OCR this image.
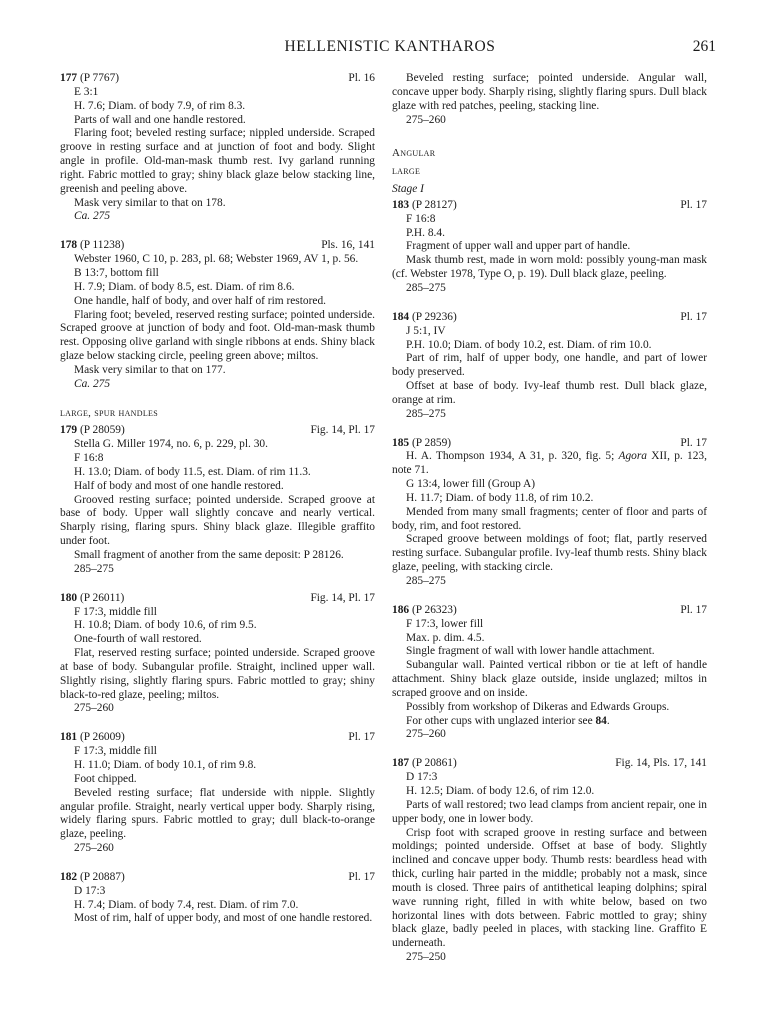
HELLENISTIC KANTHAROS	261
177 (P 7767)	Pl. 16

E 3:1

H. 7.6; Diam. of body 7.9, of rim 8.3.

Parts of wall and one handle restored.

Flaring foot; beveled resting surface; nippled underside. Scraped groove in resting surface and at junction of foot and body. Slight angle in profile. Old-man-mask thumb rest. Ivy garland running right. Fabric mottled to gray; shiny black glaze below stacking line, greenish and peeling above.

Mask very similar to that on 178.

Ca. 275

178 (P 11238)	Pls. 16, 141

Webster 1960, C 10, p. 283, pl. 68; Webster 1969, AV 1, p. 56.

B 13:7, bottom fill

H. 7.9; Diam. of body 8.5, est. Diam. of rim 8.6.

One handle, half of body, and over half of rim restored.

Flaring foot; beveled, reserved resting surface; pointed underside. Scraped groove at junction of body and foot. Old-man-mask thumb rest. Opposing olive garland with single ribbons at ends. Shiny black glaze below stacking circle, peeling green above; miltos.

Mask very similar to that on 177.

Ca. 275

large, spur handles
179 (P 28059)	Fig. 14, Pl. 17

Stella G. Miller 1974, no. 6, p. 229, pl. 30.

F 16:8

H. 13.0; Diam. of body 11.5, est. Diam. of rim 11.3.

Half of body and most of one handle restored.

Grooved resting surface; pointed underside. Scraped groove at base of body. Upper wall slightly concave and nearly vertical. Sharply rising, flaring spurs. Shiny black glaze. Illegible graffito under foot.

Small fragment of another from the same deposit: P 28126.

285–275

180 (P 26011)	Fig. 14, Pl. 17

F 17:3, middle fill

H. 10.8; Diam. of body 10.6, of rim 9.5.

One-fourth of wall restored.

Flat, reserved resting surface; pointed underside. Scraped groove at base of body. Subangular profile. Straight, inclined upper wall. Slightly rising, slightly flaring spurs. Fabric mottled to gray; shiny black-to-red glaze, peeling; miltos.

275–260

181 (P 26009)	Pl. 17

F 17:3, middle fill

H. 11.0; Diam. of body 10.1, of rim 9.8.

Foot chipped.

Beveled resting surface; flat underside with nipple. Slightly angular profile. Straight, nearly vertical upper body. Sharply rising, widely flaring spurs. Fabric mottled to gray; dull black-to-orange glaze, peeling.

275–260

182 (P 20887)	Pl. 17

D 17:3

H. 7.4; Diam. of body 7.4, rest. Diam. of rim 7.0.

Most of rim, half of upper body, and most of one handle restored.

Beveled resting surface; pointed underside. Angular wall, concave upper body. Sharply rising, slightly flaring spurs. Dull black glaze with red patches, peeling, stacking line.

275–260

Angular
large
Stage I
183 (P 28127)	Pl. 17

F 16:8

P.H. 8.4.

Fragment of upper wall and upper part of handle.

Mask thumb rest, made in worn mold: possibly young-man mask (cf. Webster 1978, Type O, p. 19). Dull black glaze, peeling.

285–275

184 (P 29236)	Pl. 17

J 5:1, IV

P.H. 10.0; Diam. of body 10.2, est. Diam. of rim 10.0.

Part of rim, half of upper body, one handle, and part of lower body preserved.

Offset at base of body. Ivy-leaf thumb rest. Dull black glaze, orange at rim.

285–275

185 (P 2859)	Pl. 17

H. A. Thompson 1934, A 31, p. 320, fig. 5; Agora XII, p. 123, note 71.

G 13:4, lower fill (Group A)

H. 11.7; Diam. of body 11.8, of rim 10.2.

Mended from many small fragments; center of floor and parts of body, rim, and foot restored.

Scraped groove between moldings of foot; flat, partly reserved resting surface. Subangular profile. Ivy-leaf thumb rests. Shiny black glaze, peeling, with stacking circle.

285–275

186 (P 26323)	Pl. 17

F 17:3, lower fill

Max. p. dim. 4.5.

Single fragment of wall with lower handle attachment.

Subangular wall. Painted vertical ribbon or tie at left of handle attachment. Shiny black glaze outside, inside unglazed; miltos in scraped groove and on inside.

Possibly from workshop of Dikeras and Edwards Groups.

For other cups with unglazed interior see 84.

275–260

187 (P 20861)	Fig. 14, Pls. 17, 141

D 17:3

H. 12.5; Diam. of body 12.6, of rim 12.0.

Parts of wall restored; two lead clamps from ancient repair, one in upper body, one in lower body.

Crisp foot with scraped groove in resting surface and between moldings; pointed underside. Offset at base of body. Slightly inclined and concave upper body. Thumb rests: beardless head with thick, curling hair parted in the middle; probably not a mask, since mouth is closed. Three pairs of antithetical leaping dolphins; spiral wave running right, filled in with white below, based on two horizontal lines with dots between. Fabric mottled to gray; shiny black glaze, badly peeled in places, with stacking line. Graffito E underneath.

275–250
